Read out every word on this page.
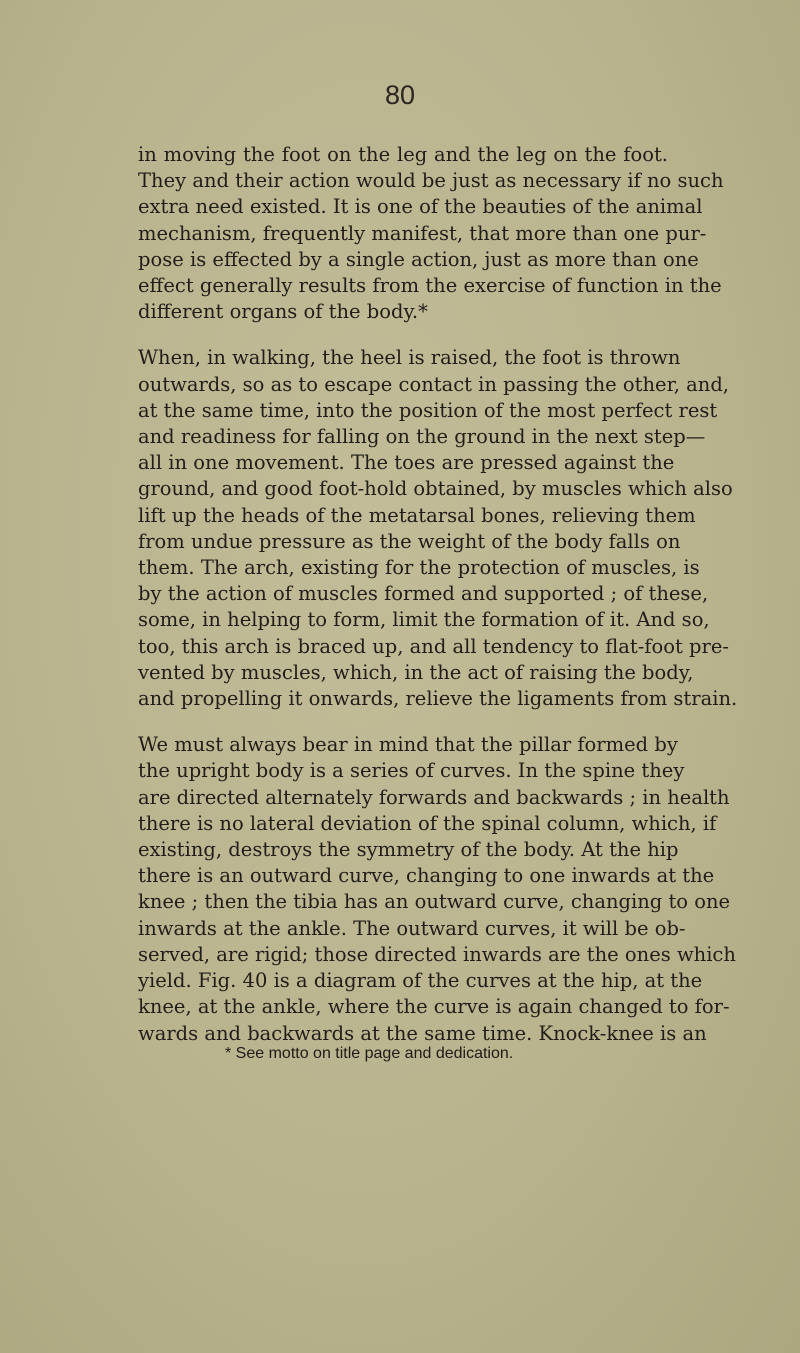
80
in moving the foot on the leg and the leg on the foot.
They and their action would be just as necessary if no such
extra need existed. It is one of the beauties of the animal
mechanism, frequently manifest, that more than one pur-
pose is effected by a single action, just as more than one
effect generally results from the exercise of function in the
different organs of the body.*
When, in walking, the heel is raised, the foot is thrown
outwards, so as to escape contact in passing the other, and,
at the same time, into the position of the most perfect rest
and readiness for falling on the ground in the next step—
all in one movement. The toes are pressed against the
ground, and good foot-hold obtained, by muscles which also
lift up the heads of the metatarsal bones, relieving them
from undue pressure as the weight of the body falls on
them. The arch, existing for the protection of muscles, is
by the action of muscles formed and supported ; of these,
some, in helping to form, limit the formation of it. And so,
too, this arch is braced up, and all tendency to flat-foot pre-
vented by muscles, which, in the act of raising the body,
and propelling it onwards, relieve the ligaments from strain.
We must always bear in mind that the pillar formed by
the upright body is a series of curves. In the spine they
are directed alternately forwards and backwards ; in health
there is no lateral deviation of the spinal column, which, if
existing, destroys the symmetry of the body. At the hip
there is an outward curve, changing to one inwards at the
knee ; then the tibia has an outward curve, changing to one
inwards at the ankle. The outward curves, it will be ob-
served, are rigid; those directed inwards are the ones which
yield. Fig. 40 is a diagram of the curves at the hip, at the
knee, at the ankle, where the curve is again changed to for-
wards and backwards at the same time. Knock-knee is an
* See motto on title page and dedication.
